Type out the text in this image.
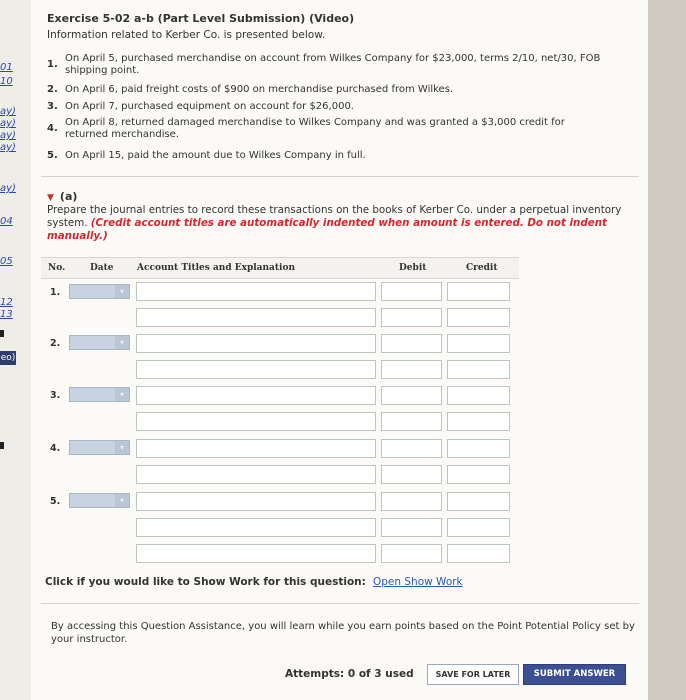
01
10
ay)
ay)
ay)
ay)
ay)
04
05
12
13
eo)
Exercise 5-02 a-b (Part Level Submission) (Video)
Information related to Kerber Co. is presented below.
1.
On April 5, purchased merchandise on account from Wilkes Company for $23,000, terms 2/10, net/30, FOB shipping point.
2. On April 6, paid freight costs of $900 on merchandise purchased from Wilkes.
3. On April 7, purchased equipment on account for $26,000.
4.
On April 8, returned damaged merchandise to Wilkes Company and was granted a $3,000 credit for returned merchandise.
5. On April 15, paid the amount due to Wilkes Company in full.
▼ (a)
Prepare the journal entries to record these transactions on the books of Kerber Co. under a perpetual inventory system. (Credit account titles are automatically indented when amount is entered. Do not indent manually.)
No.	Date	Account Titles and Explanation	Debit	Credit
1.	▾
2.	▾
3.	▾
4.	▾
5.	▾
Click if you would like to Show Work for this question: Open Show Work
By accessing this Question Assistance, you will learn while you earn points based on the Point Potential Policy set by your instructor.
Attempts: 0 of 3 used	SAVE FOR LATER	SUBMIT ANSWER
